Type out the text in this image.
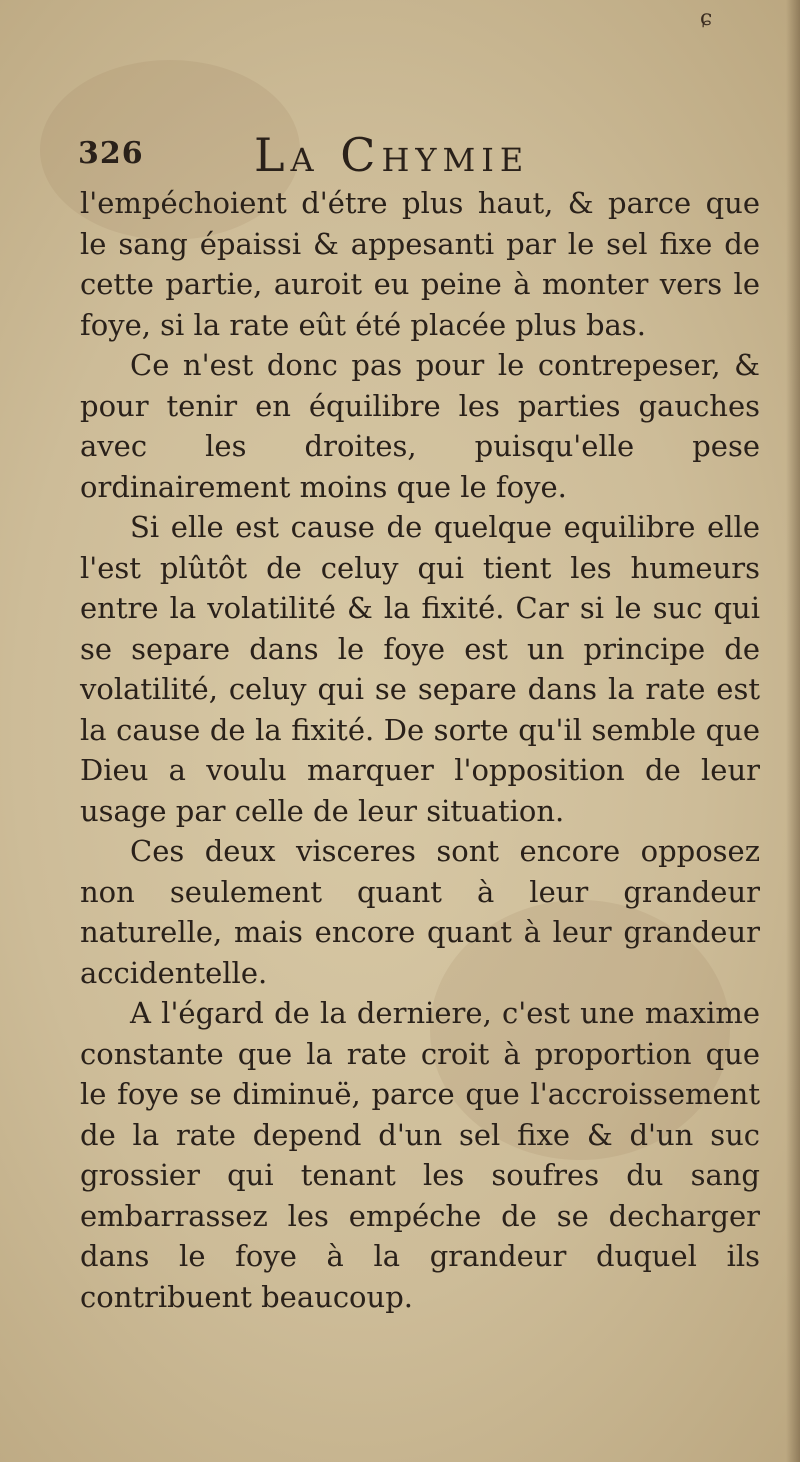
ɕ
326 La Chymie

l'empéchoient d'étre plus haut, & parce que le sang épaissi & appesanti par le sel fixe de cette partie, auroit eu peine à monter vers le foye, si la rate eût été placée plus bas.

Ce n'est donc pas pour le contrepeser, & pour tenir en équilibre les parties gauches avec les droites, puisqu'elle pese ordinairement moins que le foye.

Si elle est cause de quelque equilibre elle l'est plûtôt de celuy qui tient les humeurs entre la volatilité & la fixité. Car si le suc qui se separe dans le foye est un principe de volatilité, celuy qui se separe dans la rate est la cause de la fixité. De sorte qu'il semble que Dieu a voulu marquer l'opposition de leur usage par celle de leur situation.

Ces deux visceres sont encore opposez non seulement quant à leur grandeur naturelle, mais encore quant à leur grandeur accidentelle.

A l'égard de la derniere, c'est une maxime constante que la rate croit à proportion que le foye se diminuë, parce que l'accroissement de la rate depend d'un sel fixe & d'un suc grossier qui tenant les soufres du sang embarrassez les empéche de se decharger dans le foye à la grandeur duquel ils contribuent beaucoup.
